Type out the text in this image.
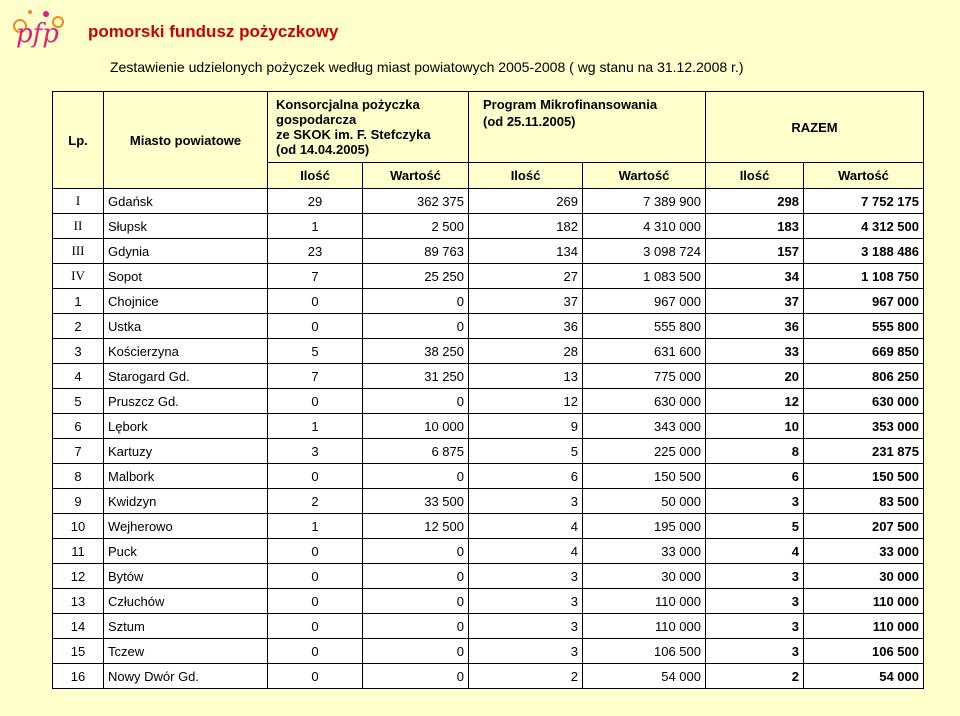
pfp pomorski fundusz pożyczkowy
Zestawienie udzielonych pożyczek według miast powiatowych 2005-2008 ( wg stanu na 31.12.2008 r.)
Lp.	Miasto powiatowe	Konsorcjalna pożyczka
gospodarcza
ze SKOK im. F. Stefczyka
(od 14.04.2005)		Program Mikrofinansowania
(od 25.11.2005)		RAZEM	
		Ilość	Wartość	Ilość	Wartość	Ilość	Wartość
I	Gdańsk	29	362 375	269	7 389 900	298	7 752 175
II	Słupsk	1	2 500	182	4 310 000	183	4 312 500
III	Gdynia	23	89 763	134	3 098 724	157	3 188 486
IV	Sopot	7	25 250	27	1 083 500	34	1 108 750
1	Chojnice	0	0	37	967 000	37	967 000
2	Ustka	0	0	36	555 800	36	555 800
3	Kościerzyna	5	38 250	28	631 600	33	669 850
4	Starogard Gd.	7	31 250	13	775 000	20	806 250
5	Pruszcz Gd.	0	0	12	630 000	12	630 000
6	Lębork	1	10 000	9	343 000	10	353 000
7	Kartuzy	3	6 875	5	225 000	8	231 875
8	Malbork	0	0	6	150 500	6	150 500
9	Kwidzyn	2	33 500	3	50 000	3	83 500
10	Wejherowo	1	12 500	4	195 000	5	207 500
11	Puck	0	0	4	33 000	4	33 000
12	Bytów	0	0	3	30 000	3	30 000
13	Człuchów	0	0	3	110 000	3	110 000
14	Sztum	0	0	3	110 000	3	110 000
15	Tczew	0	0	3	106 500	3	106 500
16	Nowy Dwór Gd.	0	0	2	54 000	2	54 000
